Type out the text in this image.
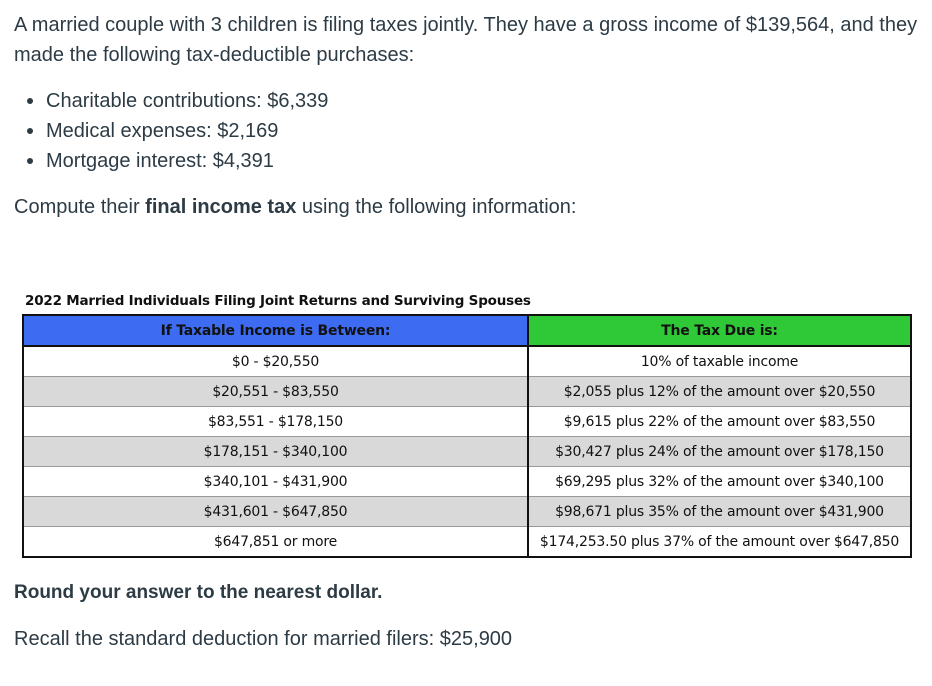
A married couple with 3 children is filing taxes jointly. They have a gross income of $139,564, and they made the following tax-deductible purchases:

Charitable contributions: $6,339
Medical expenses: $2,169
Mortgage interest: $4,391

Compute their final income tax using the following information:

2022 Married Individuals Filing Joint Returns and Surviving Spouses
If Taxable Income is Between:	The Tax Due is:
$0 - $20,550	10% of taxable income
$20,551 - $83,550	$2,055 plus 12% of the amount over $20,550
$83,551 - $178,150	$9,615 plus 22% of the amount over $83,550
$178,151 - $340,100	$30,427 plus 24% of the amount over $178,150
$340,101 - $431,900	$69,295 plus 32% of the amount over $340,100
$431,601 - $647,850	$98,671 plus 35% of the amount over $431,900
$647,851 or more	$174,253.50 plus 37% of the amount over $647,850

Round your answer to the nearest dollar.

Recall the standard deduction for married filers: $25,900
